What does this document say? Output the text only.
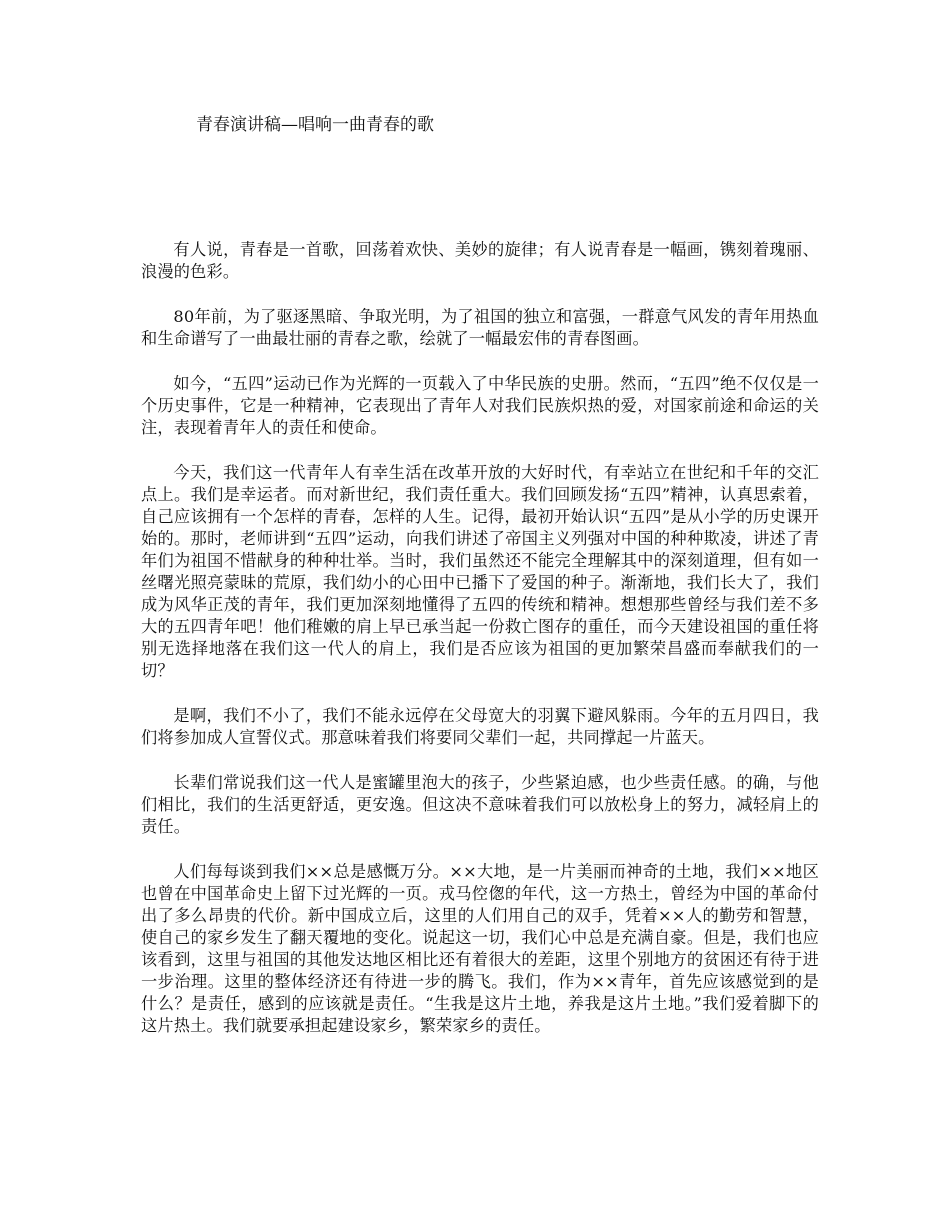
青春演讲稿—唱响一曲青春的歌

有人说，青春是一首歌，回荡着欢快、美妙的旋律；有人说青春是一幅画，镌刻着瑰丽、浪漫的色彩。

80年前，为了驱逐黑暗、争取光明，为了祖国的独立和富强，一群意气风发的青年用热血和生命谱写了一曲最壮丽的青春之歌，绘就了一幅最宏伟的青春图画。

如今，“五四”运动已作为光辉的一页载入了中华民族的史册。然而，“五四”绝不仅仅是一个历史事件，它是一种精神，它表现出了青年人对我们民族炽热的爱，对国家前途和命运的关注，表现着青年人的责任和使命。

今天，我们这一代青年人有幸生活在改革开放的大好时代，有幸站立在世纪和千年的交汇点上。我们是幸运者。而对新世纪，我们责任重大。我们回顾发扬“五四”精神，认真思索着，自己应该拥有一个怎样的青春，怎样的人生。记得，最初开始认识“五四”是从小学的历史课开始的。那时，老师讲到“五四”运动，向我们讲述了帝国主义列强对中国的种种欺凌，讲述了青年们为祖国不惜献身的种种壮举。当时，我们虽然还不能完全理解其中的深刻道理，但有如一丝曙光照亮蒙昧的荒原，我们幼小的心田中已播下了爱国的种子。渐渐地，我们长大了，我们成为风华正茂的青年，我们更加深刻地懂得了五四的传统和精神。想想那些曾经与我们差不多大的五四青年吧！他们稚嫩的肩上早已承当起一份救亡图存的重任，而今天建设祖国的重任将别无选择地落在我们这一代人的肩上，我们是否应该为祖国的更加繁荣昌盛而奉献我们的一切？

是啊，我们不小了，我们不能永远停在父母宽大的羽翼下避风躲雨。今年的五月四日，我们将参加成人宣誓仪式。那意味着我们将要同父辈们一起，共同撑起一片蓝天。

长辈们常说我们这一代人是蜜罐里泡大的孩子，少些紧迫感，也少些责任感。的确，与他们相比，我们的生活更舒适，更安逸。但这决不意味着我们可以放松身上的努力，减轻肩上的责任。

人们每每谈到我们××总是感慨万分。××大地，是一片美丽而神奇的土地，我们××地区也曾在中国革命史上留下过光辉的一页。戎马倥偬的年代，这一方热土，曾经为中国的革命付出了多么昂贵的代价。新中国成立后，这里的人们用自己的双手，凭着××人的勤劳和智慧，使自己的家乡发生了翻天覆地的变化。说起这一切，我们心中总是充满自豪。但是，我们也应该看到，这里与祖国的其他发达地区相比还有着很大的差距，这里个别地方的贫困还有待于进一步治理。这里的整体经济还有待进一步的腾飞。我们，作为××青年，首先应该感觉到的是什么？是责任，感到的应该就是责任。“生我是这片土地，养我是这片土地。”我们爱着脚下的这片热土。我们就要承担起建设家乡，繁荣家乡的责任。
